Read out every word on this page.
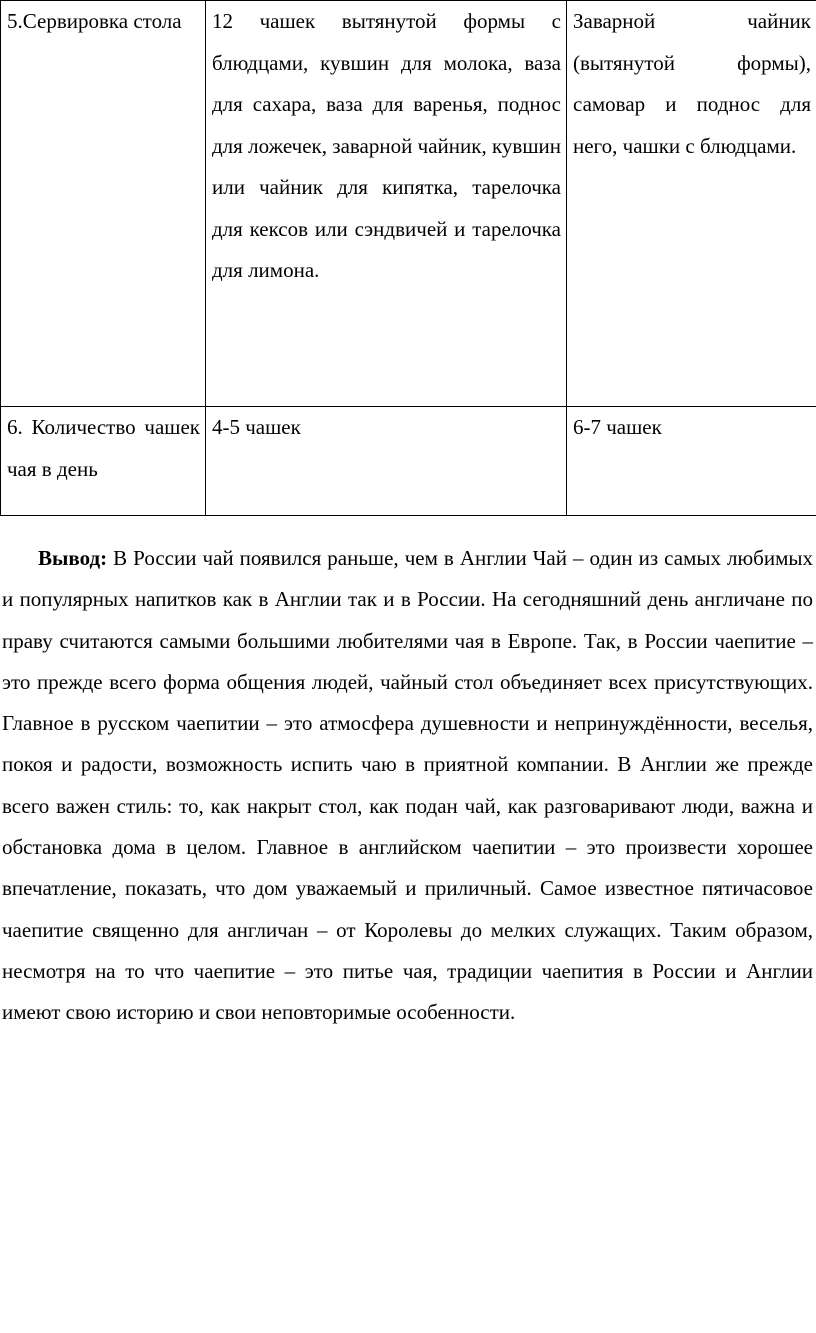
5.Сервировка стола	12 чашек вытянутой формы с блюдцами, кувшин для молока, ваза для сахара, ваза для варенья, поднос для ложечек, заварной чайник, кувшин или чайник для кипятка, тарелочка для кексов или сэндвичей и тарелочка для лимона.	Заварной чайник (вытянутой формы), самовар и поднос для него, чашки с блюдцами.
6. Количество чашек чая в день	4-5 чашек	6-7 чашек

Вывод: В России чай появился раньше, чем в Англии Чай – один из самых любимых и популярных напитков как в Англии так и в России. На сегодняшний день англичане по праву считаются самыми большими любителями чая в Европе. Так, в России чаепитие – это прежде всего форма общения людей, чайный стол объединяет всех присутствующих. Главное в русском чаепитии – это атмосфера душевности и непринуждённости, веселья, покоя и радости, возможность испить чаю в приятной компании. В Англии же прежде всего важен стиль: то, как накрыт стол, как подан чай, как разговаривают люди, важна и обстановка дома в целом. Главное в английском чаепитии – это произвести хорошее впечатление, показать, что дом уважаемый и приличный. Самое известное пятичасовое чаепитие священно для англичан – от Королевы до мелких служащих. Таким образом, несмотря на то что чаепитие – это питье чая, традиции чаепития в России и Англии имеют свою историю и свои неповторимые особенности.
